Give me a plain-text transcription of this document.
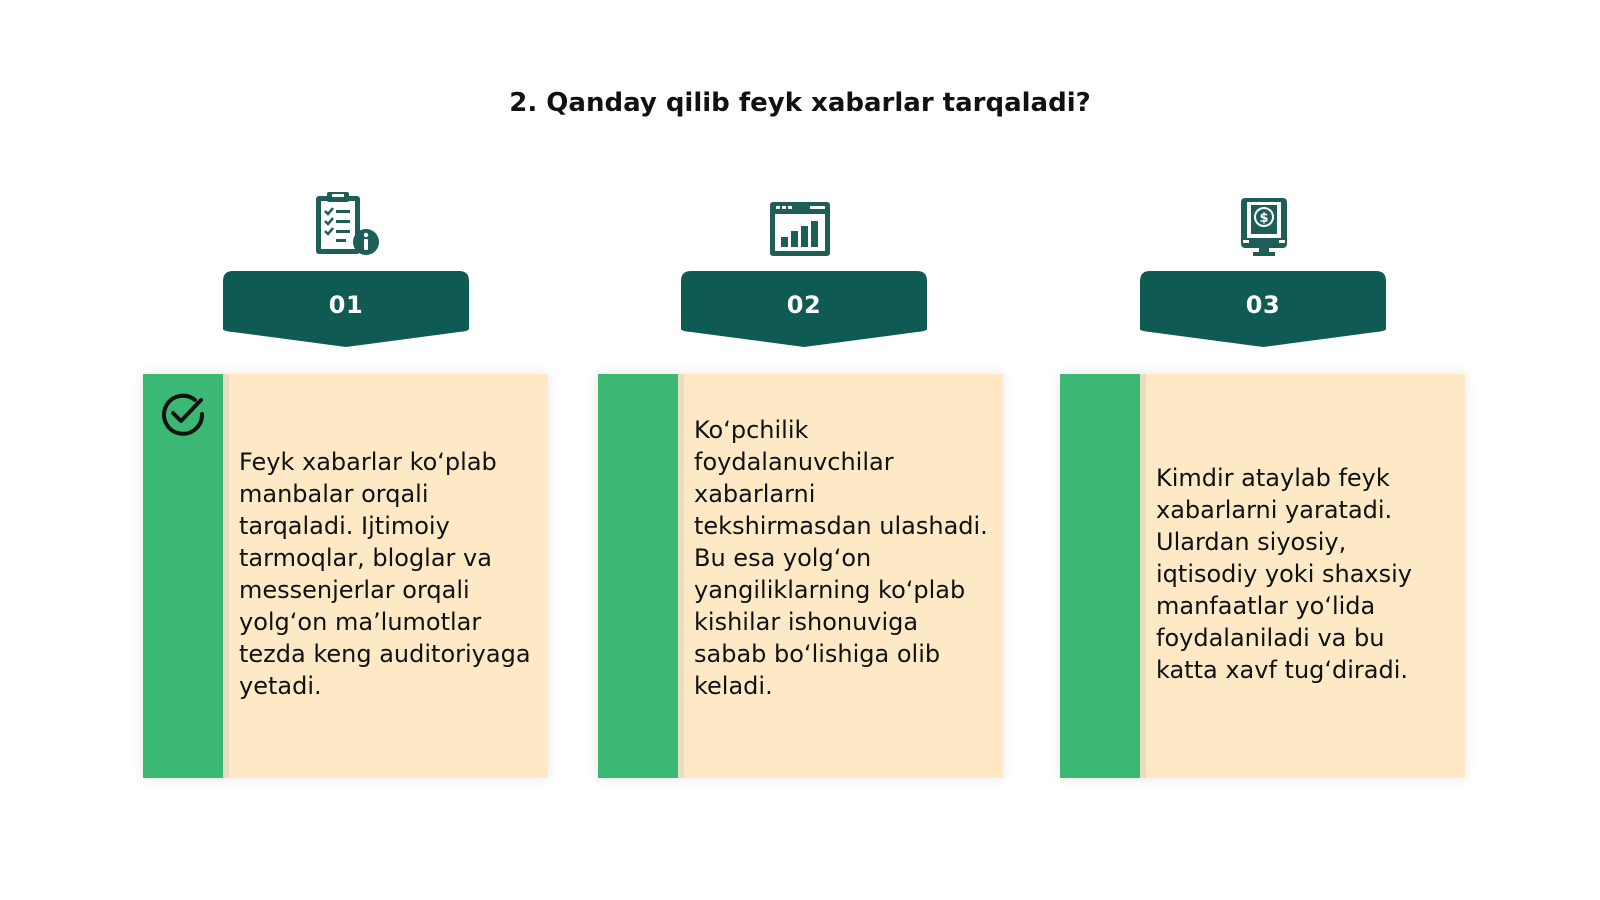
2. Qanday qilib feyk xabarlar tarqaladi?
01
Feyk xabarlar ko‘plab manbalar orqali tarqaladi. Ijtimoiy tarmoqlar, bloglar va messenjerlar orqali yolg‘on ma’lumotlar tezda keng auditoriyaga yetadi.
02
Ko‘pchilik foydalanuvchilar xabarlarni tekshirmasdan ulashadi. Bu esa yolg‘on yangiliklarning ko‘plab kishilar ishonuviga sabab bo‘lishiga olib keladi.
$
03
Kimdir ataylab feyk xabarlarni yaratadi. Ulardan siyosiy, iqtisodiy yoki shaxsiy manfaatlar yo‘lida foydalaniladi va bu katta xavf tug‘diradi.
